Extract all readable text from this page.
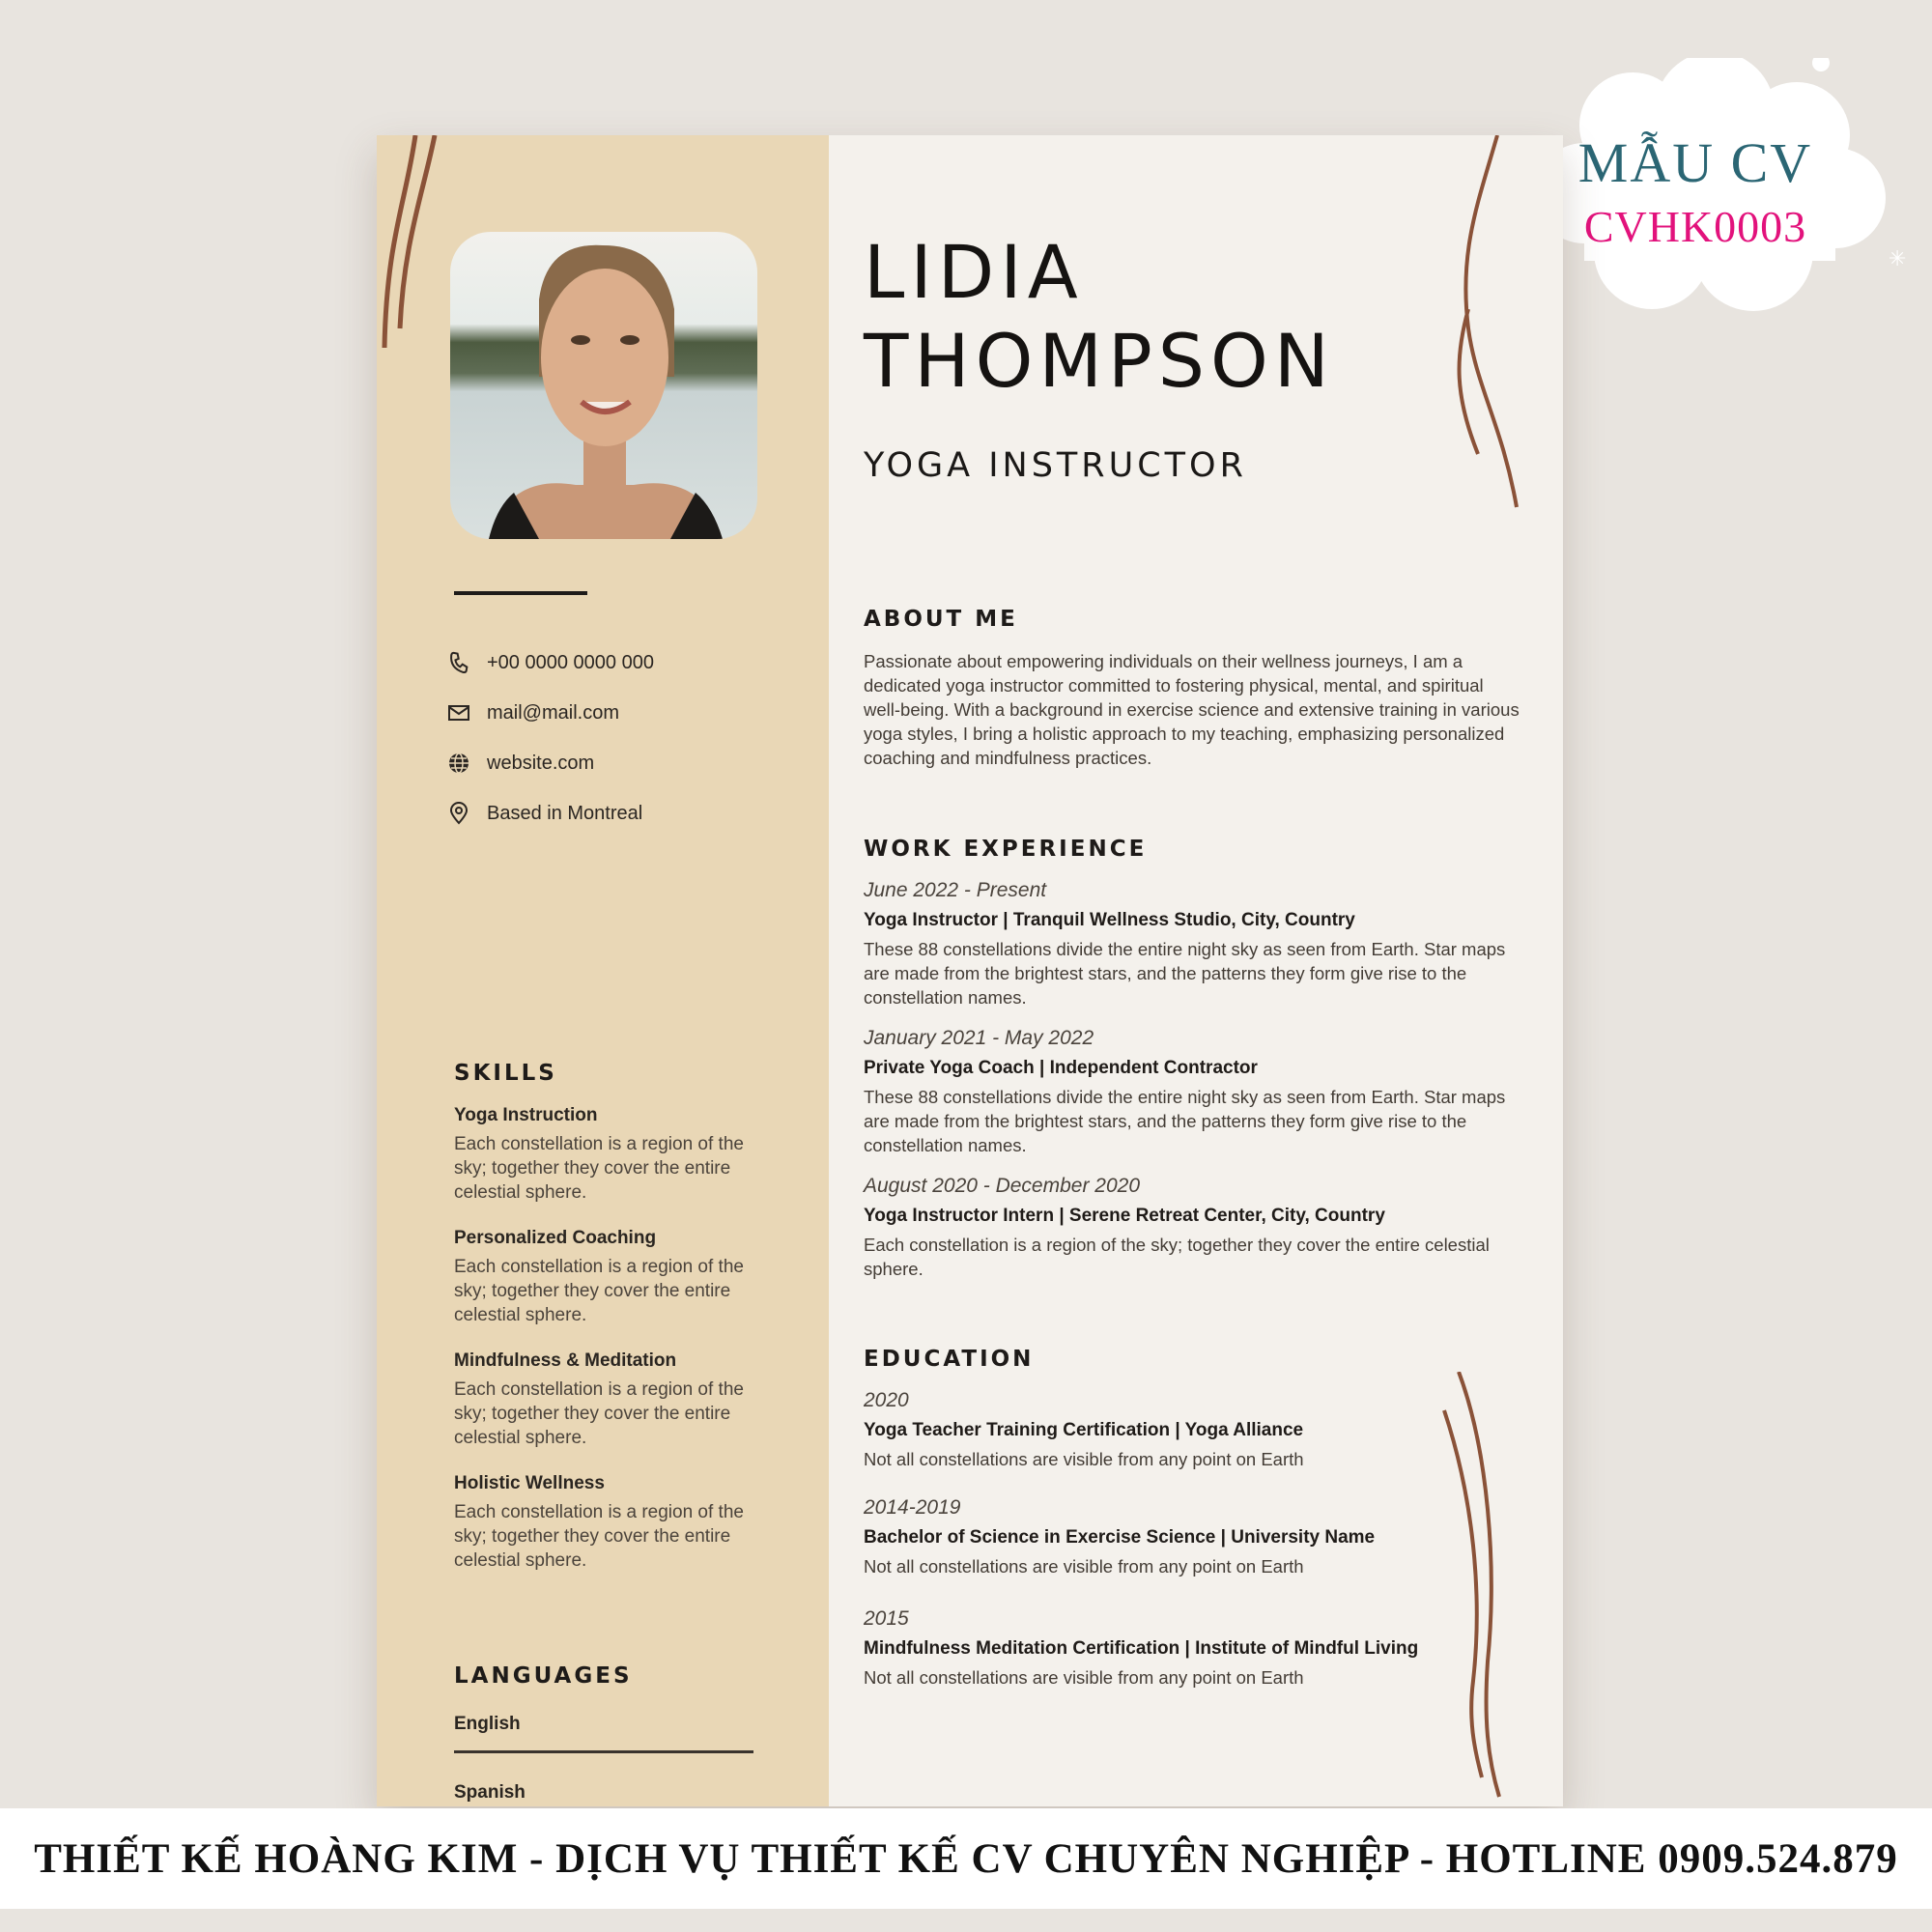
✳
MẪU CV
CVHK0003
+00 0000 0000 000
mail@mail.com
website.com
Based in Montreal
SKILLS
Yoga Instruction
Each constellation is a region of the sky; together they cover the entire celestial sphere.
Personalized Coaching
Each constellation is a region of the sky; together they cover the entire celestial sphere.
Mindfulness & Meditation
Each constellation is a region of the sky; together they cover the entire celestial sphere.
Holistic Wellness
Each constellation is a region of the sky; together they cover the entire celestial sphere.
LANGUAGES
English
Spanish
LIDIA
THOMPSON
YOGA INSTRUCTOR
ABOUT ME
Passionate about empowering individuals on their wellness journeys, I am a dedicated yoga instructor committed to fostering physical, mental, and spiritual well-being. With a background in exercise science and extensive training in various yoga styles, I bring a holistic approach to my teaching, emphasizing personalized coaching and mindfulness practices.
WORK EXPERIENCE
June 2022 - Present
Yoga Instructor | Tranquil Wellness Studio, City, Country
These 88 constellations divide the entire night sky as seen from Earth. Star maps are made from the brightest stars, and the patterns they form give rise to the constellation names.
January 2021 - May 2022
Private Yoga Coach | Independent Contractor
These 88 constellations divide the entire night sky as seen from Earth. Star maps are made from the brightest stars, and the patterns they form give rise to the constellation names.
August 2020 - December 2020
Yoga Instructor Intern | Serene Retreat Center, City, Country
Each constellation is a region of the sky; together they cover the entire celestial sphere.
EDUCATION
2020
Yoga Teacher Training Certification | Yoga Alliance
Not all constellations are visible from any point on Earth
2014-2019
Bachelor of Science in Exercise Science | University Name
Not all constellations are visible from any point on Earth
2015
Mindfulness Meditation Certification | Institute of Mindful Living
Not all constellations are visible from any point on Earth
THIẾT KẾ HOÀNG KIM - DỊCH VỤ THIẾT KẾ CV CHUYÊN NGHIỆP - HOTLINE 0909.524.879
